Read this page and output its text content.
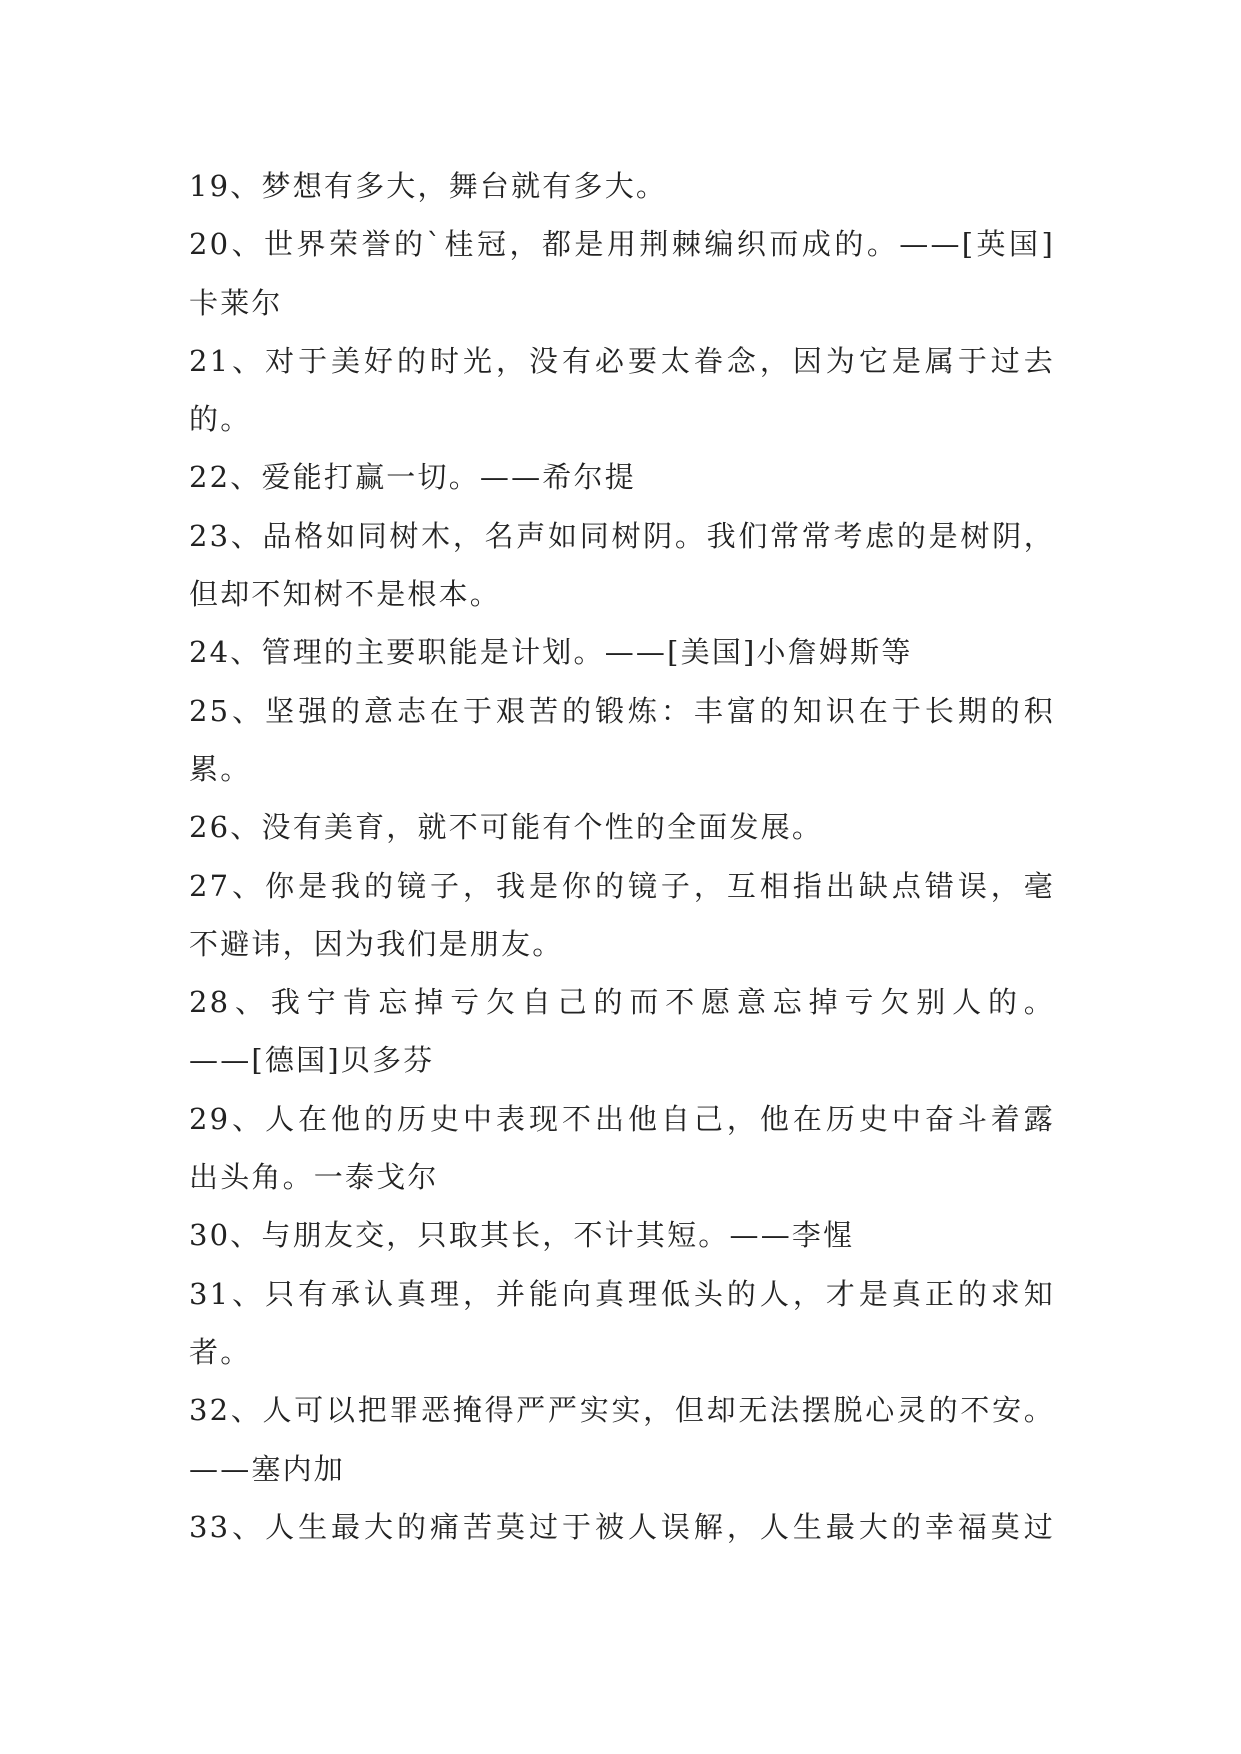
19、梦想有多大，舞台就有多大。
20、世界荣誉的`桂冠，都是用荆棘编织而成的。——[英国]
卡莱尔
21、对于美好的时光，没有必要太眷念，因为它是属于过去
的。
22、爱能打赢一切。——希尔提
23、品格如同树木，名声如同树阴。我们常常考虑的是树阴，
但却不知树不是根本。
24、管理的主要职能是计划。——[美国]小詹姆斯等
25、坚强的意志在于艰苦的锻炼：丰富的知识在于长期的积
累。
26、没有美育，就不可能有个性的全面发展。
27、你是我的镜子，我是你的镜子，互相指出缺点错误，毫
不避讳，因为我们是朋友。
28、我宁肯忘掉亏欠自己的而不愿意忘掉亏欠别人的。
——[德国]贝多芬
29、人在他的历史中表现不出他自己，他在历史中奋斗着露
出头角。一泰戈尔
30、与朋友交，只取其长，不计其短。——李惺
31、只有承认真理，并能向真理低头的人，才是真正的求知
者。
32、人可以把罪恶掩得严严实实，但却无法摆脱心灵的不安。
——塞内加
33、人生最大的痛苦莫过于被人误解，人生最大的幸福莫过
